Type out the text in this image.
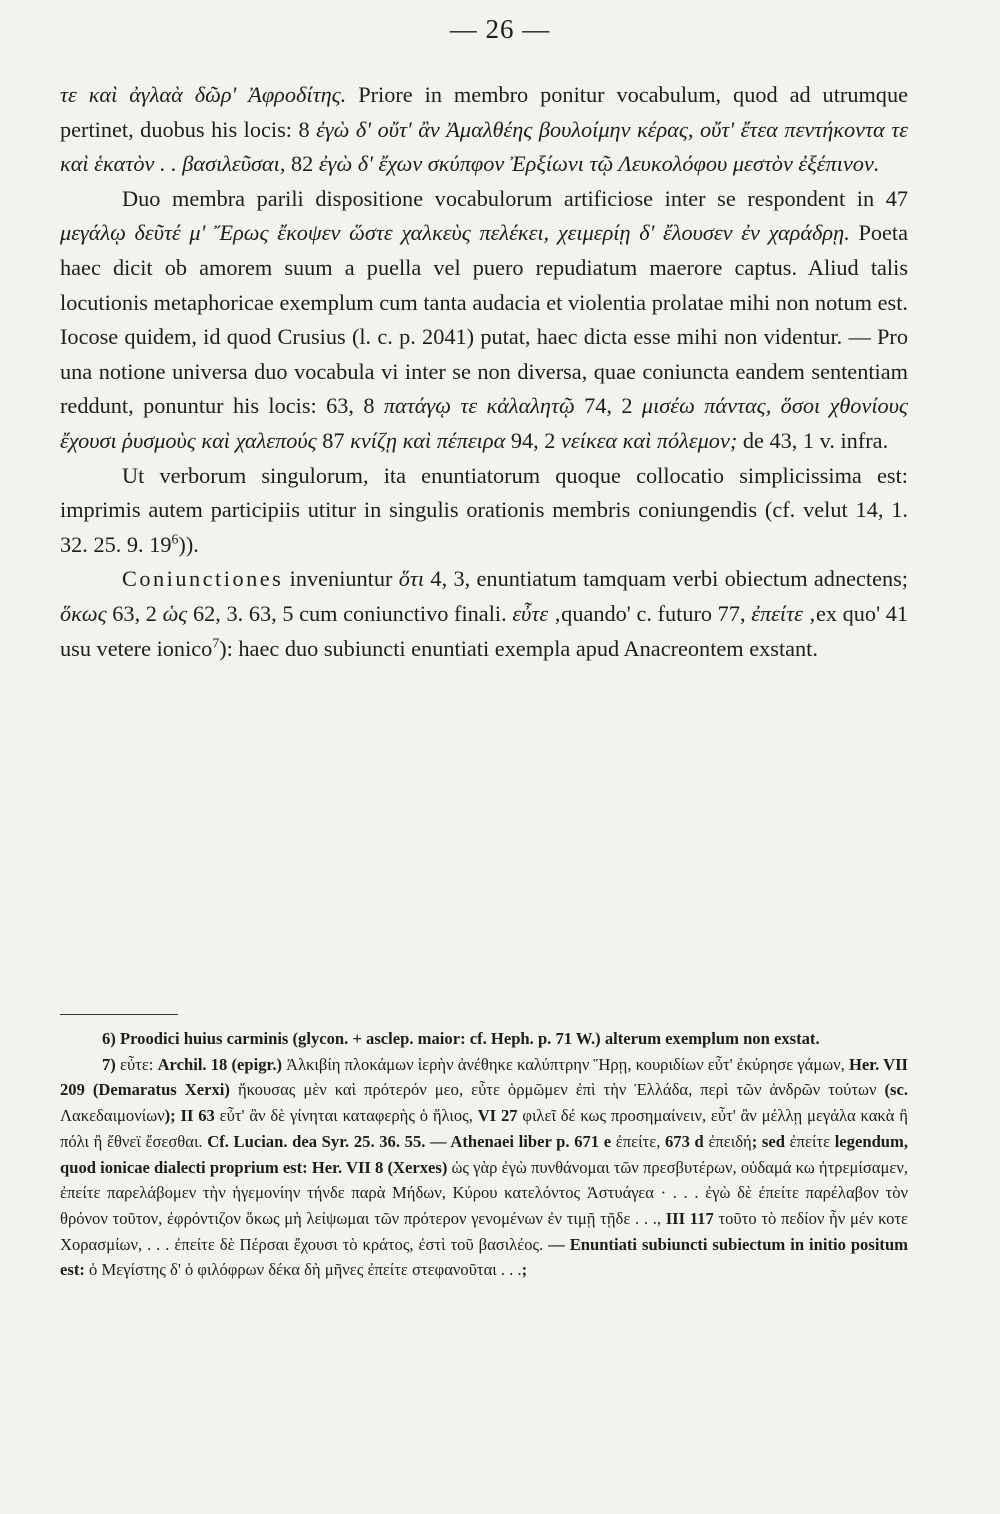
— 26 —

τε καὶ ἀγλαὰ δῶρ' Ἀφροδίτης. Priore in membro ponitur vocabulum, quod ad utrumque pertinet, duobus his locis: 8 ἐγὼ δ' οὔτ' ἂν Ἀμαλθέης βουλοίμην κέρας, οὔτ' ἔτεα πεντήκοντα τε καὶ ἑκατὸν . . βασιλεῦσαι, 82 ἐγὼ δ' ἔχων σκύπφον Ἐρξίωνι τῷ Λευκολόφου μεστὸν ἐξέπινον.

Duo membra parili dispositione vocabulorum artificiose inter se respondent in 47 μεγάλῳ δεῦτέ μ' Ἔρως ἔκοψεν ὥστε χαλκεὺς πελέκει, χειμερίῃ δ' ἔλουσεν ἐν χαράδρῃ. Poeta haec dicit ob amorem suum a puella vel puero repudiatum maerore captus. Aliud talis locutionis metaphoricae exemplum cum tanta audacia et violentia prolatae mihi non notum est. Iocose quidem, id quod Crusius (l. c. p. 2041) putat, haec dicta esse mihi non videntur. — Pro una notione universa duo vocabula vi inter se non diversa, quae coniuncta eandem sententiam reddunt, ponuntur his locis: 63, 8 πατάγῳ τε κἀλαλητῷ 74, 2 μισέω πάντας, ὅσοι χθονίους ἔχουσι ῥυσμοὺς καὶ χαλεπούς 87 κνίζῃ καὶ πέπειρα 94, 2 νείκεα καὶ πόλεμον; de 43, 1 v. infra.

Ut verborum singulorum, ita enuntiatorum quoque collocatio simplicissima est: imprimis autem participiis utitur in singulis orationis membris coniungendis (cf. velut 14, 1. 32. 25. 9. $19^6$)).

Coniunctiones inveniuntur ὅτι 4, 3, enuntiatum tamquam verbi obiectum adnectens; ὅκως 63, 2 ὡς 62, 3. 63, 5 cum coniunctivo finali. εὖτε ‚quando' c. futuro 77, ἐπείτε ‚ex quo' 41 usu vetere ionico$^7$): haec duo subiuncti enuntiati exempla apud Anacreontem exstant.

6) Proodici huius carminis (glycon. + asclep. maior: cf. Heph. p. 71 W.) alterum exemplum non exstat.

7) εὖτε: Archil. 18 (epigr.) Ἀλκιβίη πλοκάμων ἱερὴν ἀνέθηκε καλύπτρην Ἥρῃ, κουριδίων εὖτ' ἐκύρησε γάμων, Her. VII 209 (Demaratus Xerxi) ἤκουσας μὲν καὶ πρότερόν μεο, εὖτε ὁρμῶμεν ἐπὶ τὴν Ἑλλάδα, περὶ τῶν ἀνδρῶν τούτων (sc. Λακεδαιμονίων); II 63 εὖτ' ἂν δὲ γίνηται καταφερὴς ὁ ἥλιος, VI 27 φιλεῖ δέ κως προσημαίνειν, εὖτ' ἂν μέλλῃ μεγάλα κακὰ ἢ πόλι ἢ ἔθνεϊ ἔσεσθαι. Cf. Lucian. dea Syr. 25. 36. 55. — Athenaei liber p. 671 e ἐπείτε, 673 d ἐπειδή; sed ἐπείτε legendum, quod ionicae dialecti proprium est: Her. VII 8 (Xerxes) ὡς γὰρ ἐγὼ πυνθάνομαι τῶν πρεσβυτέρων, οὐδαμά κω ἠτρεμίσαμεν, ἐπείτε παρελάβομεν τὴν ἡγεμονίην τήνδε παρὰ Μήδων, Κύρου κατελόντος Ἀστυάγεα · . . . ἐγὼ δὲ ἐπείτε παρέλαβον τὸν θρόνον τοῦτον, ἐφρόντιζον ὅκως μὴ λείψωμαι τῶν πρότερον γενομένων ἐν τιμῇ τῇδε . . ., III 117 τοῦτο τὸ πεδίον ἦν μέν κοτε Χορασμίων, . . . ἐπείτε δὲ Πέρσαι ἔχουσι τὸ κράτος, ἐστὶ τοῦ βασιλέος. — Enuntiati subiuncti subiectum in initio positum est: ὁ Μεγίστης δ' ὁ φιλόφρων δέκα δὴ μῆνες ἐπείτε στεφανοῦται . . .;
